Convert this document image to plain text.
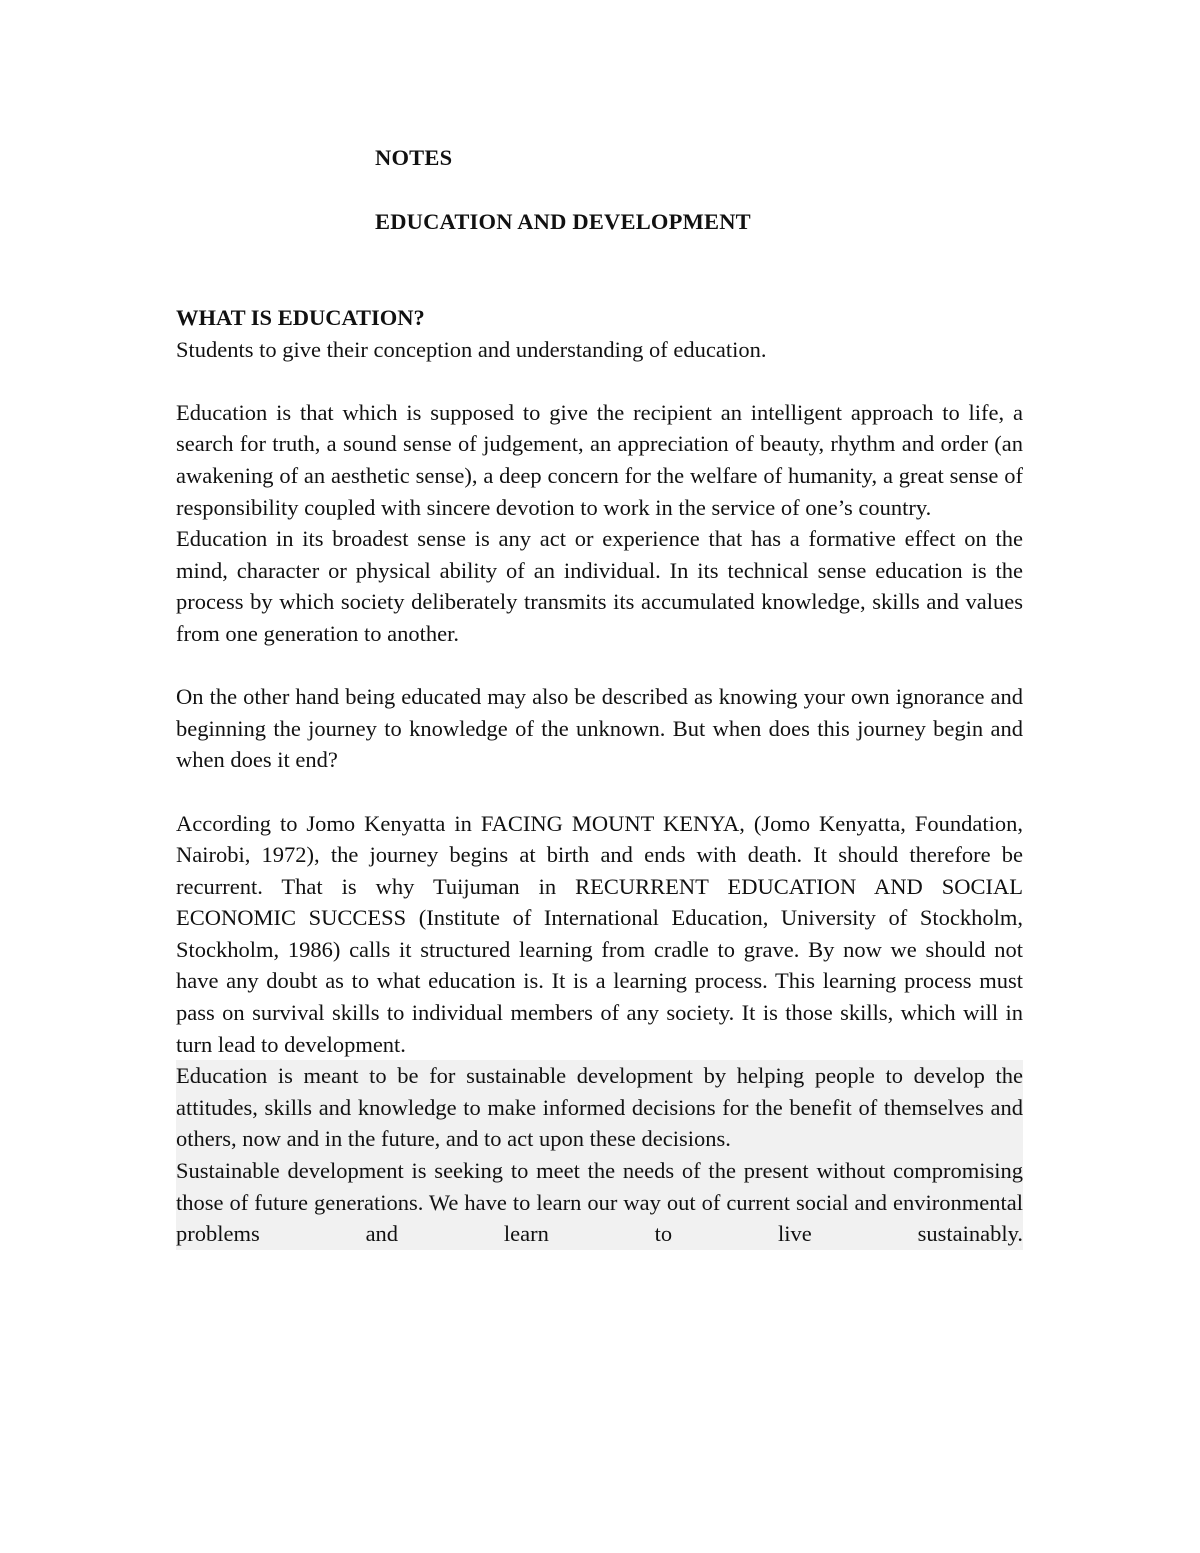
NOTES
EDUCATION AND DEVELOPMENT

WHAT IS EDUCATION?

Students to give their conception and understanding of education.

Education is that which is supposed to give the recipient an intelligent approach to life, a search for truth, a sound sense of judgement, an appreciation of beauty, rhythm and order (an awakening of an aesthetic sense), a deep concern for the welfare of humanity, a great sense of responsibility coupled with sincere devotion to work in the service of one’s country.

Education in its broadest sense is any act or experience that has a formative effect on the mind, character or physical ability of an individual. In its technical sense education is the process by which society deliberately transmits its accumulated knowledge, skills and values from one generation to another.

On the other hand being educated may also be described as knowing your own ignorance and beginning the journey to knowledge of the unknown. But when does this journey begin and when does it end?

According to Jomo Kenyatta in FACING MOUNT KENYA, (Jomo Kenyatta, Foundation, Nairobi, 1972), the journey begins at birth and ends with death. It should therefore be recurrent. That is why Tuijuman in RECURRENT EDUCATION AND SOCIAL ECONOMIC SUCCESS (Institute of International Education, University of Stockholm, Stockholm, 1986) calls it structured learning from cradle to grave. By now we should not have any doubt as to what education is. It is a learning process. This learning process must pass on survival skills to individual members of any society. It is those skills, which will in turn lead to development.

Education is meant to be for sustainable development by helping people to develop the attitudes, skills and knowledge to make informed decisions for the benefit of themselves and others, now and in the future, and to act upon these decisions.

Sustainable development is seeking to meet the needs of the present without compromising those of future generations. We have to learn our way out of current social and environmental problems and learn to live sustainably.
